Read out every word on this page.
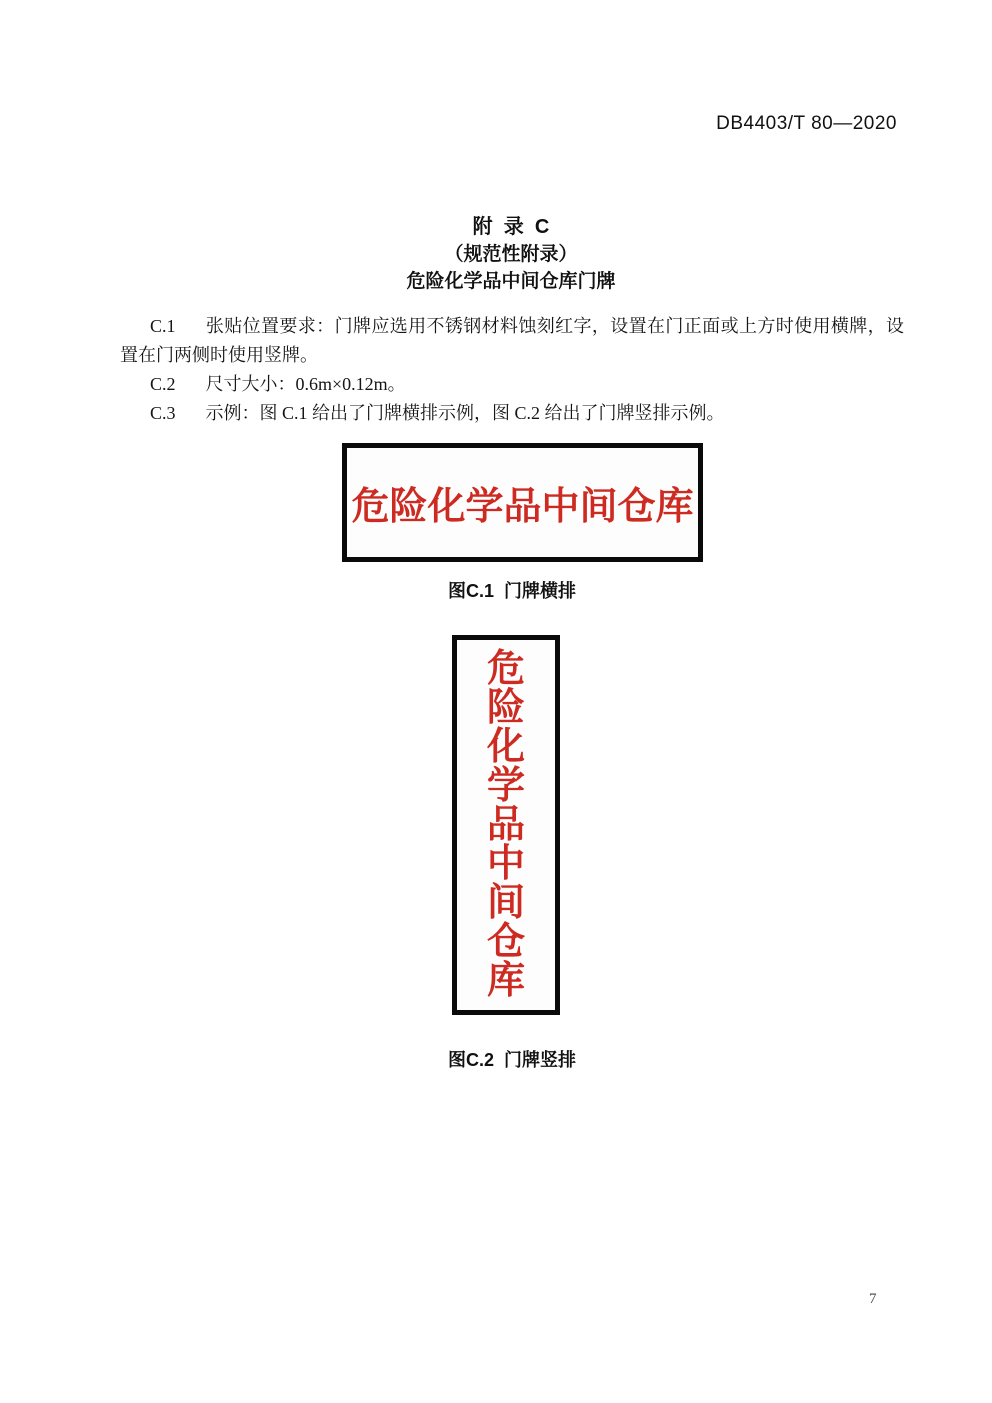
DB4403/T 80—2020
附  录  C
（规范性附录）
危险化学品中间仓库门牌

C.1 张贴位置要求：门牌应选用不锈钢材料蚀刻红字，设置在门正面或上方时使用横牌，设置在门两侧时使用竖牌。

C.2 尺寸大小：0.6m×0.12m。

C.3 示例：图 C.1 给出了门牌横排示例，图 C.2 给出了门牌竖排示例。

危险化学品中间仓库
图C.1  门牌横排
危险化学品中间仓库
图C.2  门牌竖排
7
